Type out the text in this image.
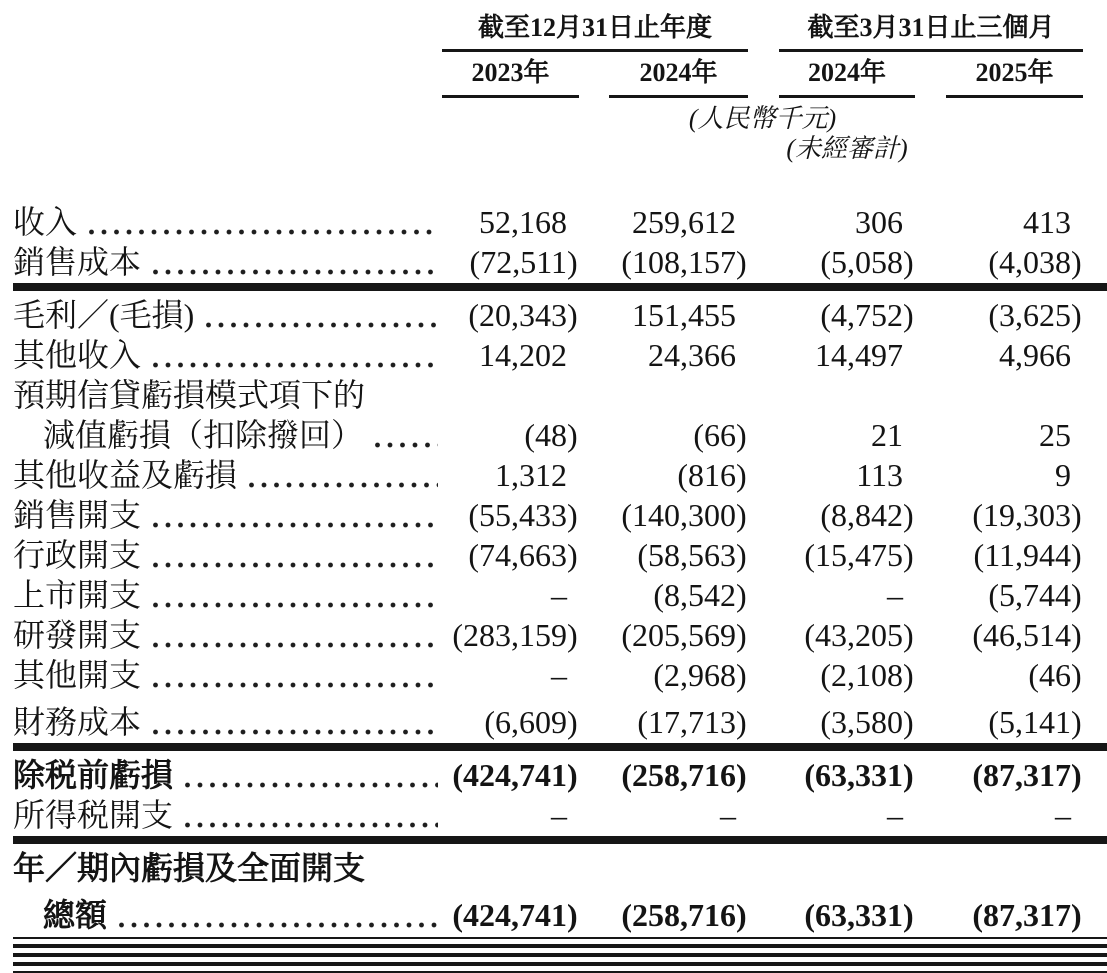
截至12月31日止年度	截至3月31日止三個月
2023年	2024年	2024年	2025年
(人民幣千元)
(未經審計)
收入	52,168	259,612	306	413
銷售成本	(72,511)	(108,157)	(5,058)	(4,038)
毛利／(毛損)	(20,343)	151,455	(4,752)	(3,625)
其他收入	14,202	24,366	14,497	4,966
預期信貸虧損模式項下的
減值虧損（扣除撥回）	(48)	(66)	21	25
其他收益及虧損	1,312	(816)	113	9
銷售開支	(55,433)	(140,300)	(8,842)	(19,303)
行政開支	(74,663)	(58,563)	(15,475)	(11,944)
上市開支	–	(8,542)	–	(5,744)
研發開支	(283,159)	(205,569)	(43,205)	(46,514)
其他開支	–	(2,968)	(2,108)	(46)
財務成本	(6,609)	(17,713)	(3,580)	(5,141)
除税前虧損	(424,741)	(258,716)	(63,331)	(87,317)
所得税開支	–	–	–	–
年／期內虧損及全面開支
總額	(424,741)	(258,716)	(63,331)	(87,317)
